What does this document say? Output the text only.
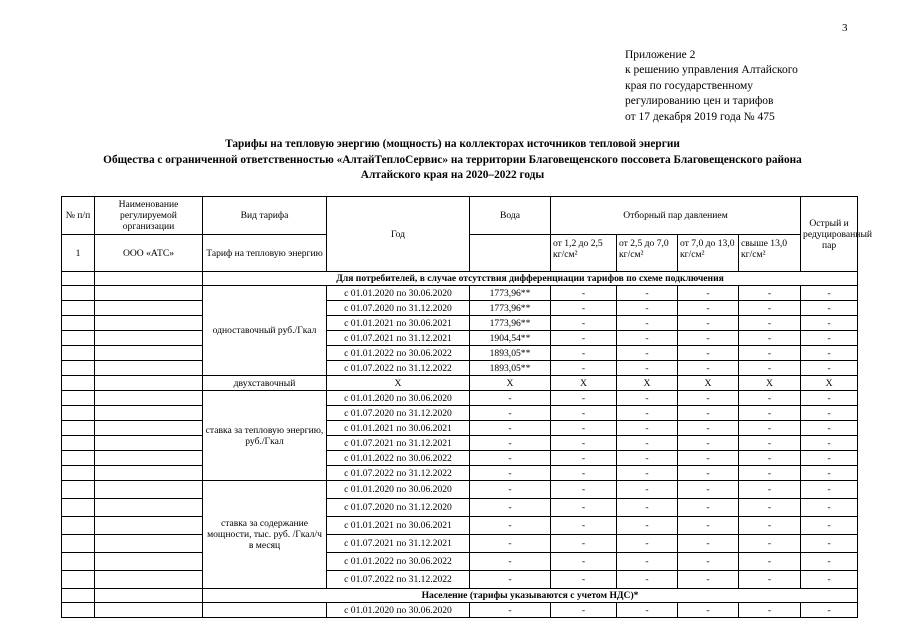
3
Приложение 2
к решению управления Алтайского
края по государственному
регулированию цен и тарифов
от 17 декабря 2019 года № 475
Тарифы на тепловую энергию (мощность) на коллекторах источников тепловой энергии
Общества с ограниченной ответственностью «АлтайТеплоСервис» на территории Благовещенского поссовета Благовещенского района
Алтайского края на 2020–2022 годы
№ п/п	Наименование регулируемой организации	Вид тарифа	Год	Вода	Отборный пар давлением				Острый и редуцированный пар
1	ООО «АТС»	Тариф на тепловую энергию			от 1,2 до 2,5 кг/см²	от 2,5 до 7,0 кг/см²	от 7,0 до 13,0 кг/см²	свыше 13,0 кг/см²	
		Для потребителей, в случае отсутствия дифференциации тарифов по схеме подключения							
		одноставочный руб./Гкал	с 01.01.2020 по 30.06.2020	1773,96**	-	-	-	-	-
			с 01.07.2020 по 31.12.2020	1773,96**	-	-	-	-	-
			с 01.01.2021 по 30.06.2021	1773,96**	-	-	-	-	-
			с 01.07.2021 по 31.12.2021	1904,54**	-	-	-	-	-
			с 01.01.2022 по 30.06.2022	1893,05**	-	-	-	-	-
			с 01.07.2022 по 31.12.2022	1893,05**	-	-	-	-	-
		двухставочный	X	X	X	X	X	X	X
		ставка за тепловую энергию, руб./Гкал	с 01.01.2020 по 30.06.2020	-	-	-	-	-	-
			с 01.07.2020 по 31.12.2020	-	-	-	-	-	-
			с 01.01.2021 по 30.06.2021	-	-	-	-	-	-
			с 01.07.2021 по 31.12.2021	-	-	-	-	-	-
			с 01.01.2022 по 30.06.2022	-	-	-	-	-	-
			с 01.07.2022 по 31.12.2022	-	-	-	-	-	-
		ставка за содержание мощности, тыс. руб. /Гкал/ч в месяц	с 01.01.2020 по 30.06.2020	-	-	-	-	-	-
			с 01.07.2020 по 31.12.2020	-	-	-	-	-	-
			с 01.01.2021 по 30.06.2021	-	-	-	-	-	-
			с 01.07.2021 по 31.12.2021	-	-	-	-	-	-
			с 01.01.2022 по 30.06.2022	-	-	-	-	-	-
			с 01.07.2022 по 31.12.2022	-	-	-	-	-	-
		Население (тарифы указываются с учетом НДС)*							
			с 01.01.2020 по 30.06.2020	-	-	-	-	-	-
